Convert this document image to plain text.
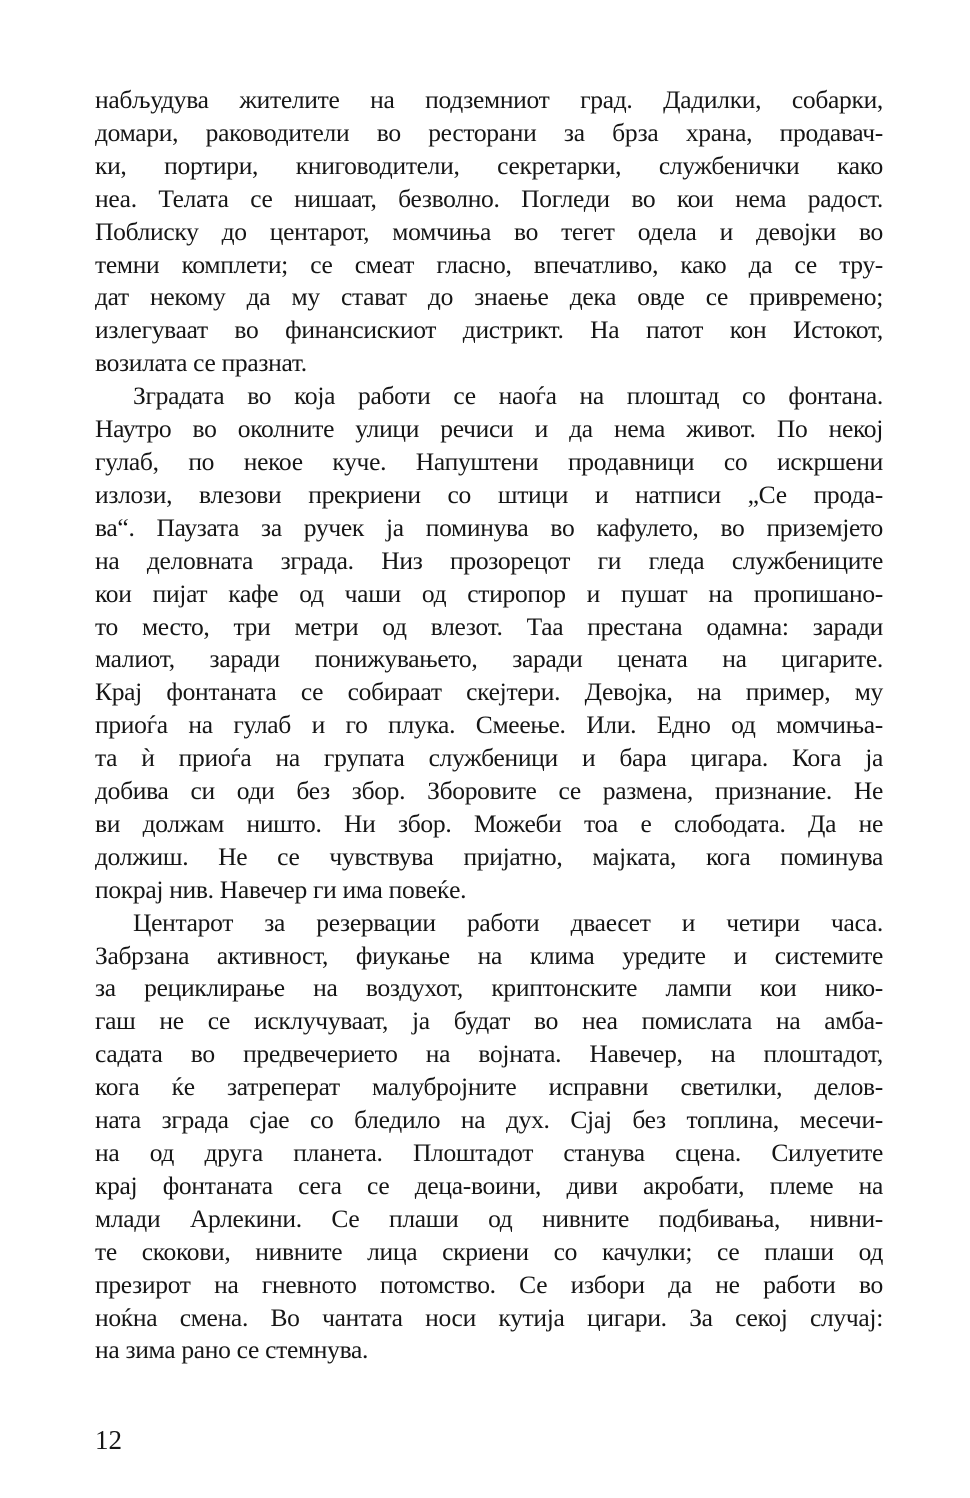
набљудува жителите на подземниот град. Дадилки, собарки,
домари, раководители во ресторани за брза храна, продавач-
ки, портири, книговодители, секретарки, службенички како
неа. Телата се нишаат, безволно. Погледи во кои нема радост.
Поблиску до центарот, момчиња во тегет одела и девојки во
темни комплети; се смеат гласно, впечатливо, како да се тру-
дат некому да му стават до знаење дека овде се привремено;
излегуваат во финансискиот дистрикт. На патот кон Истокот,
возилата се празнат.
Зградата во која работи се наоѓа на плоштад со фонтана.
Наутро во околните улици речиси и да нема живот. По некој
гулаб, по некое куче. Напуштени продавници со искршени
излози, влезови прекриени со штици и натписи „Се прода-
ва“. Паузата за ручек ја поминува во кафулето, во приземјето
на деловната зграда. Низ прозорецот ги гледа службениците
кои пијат кафе од чаши од стиропор и пушат на пропишано-
то место, три метри од влезот. Таа престана одамна: заради
малиот, заради понижувањето, заради цената на цигарите.
Крај фонтаната се собираат скејтери. Девојка, на пример, му
приоѓа на гулаб и го плука. Смеење. Или. Едно од момчиња-
та ѝ приоѓа на групата службеници и бара цигара. Кога ја
добива си оди без збор. Зборовите се размена, признание. Не
ви должам ништо. Ни збор. Можеби тоа е слободата. Да не
должиш. Не се чувствува пријатно, мајката, кога поминува
покрај нив. Навечер ги има повеќе.
Центарот за резервации работи дваесет и четири часа.
Забрзана активност, фиукање на клима уредите и системите
за рециклирање на воздухот, криптонските лампи кои нико-
гаш не се исклучуваат, ја будат во неа помислата на амба-
садата во предвечерието на војната. Навечер, на плоштадот,
кога ќе затреперат малубројните исправни светилки, делов-
ната зграда сјае со бледило на дух. Сјај без топлина, месечи-
на од друга планета. Плоштадот станува сцена. Силуетите
крај фонтаната сега се деца-воини, диви акробати, племе на
млади Арлекини. Се плаши од нивните подбивања, нивни-
те скокови, нивните лица скриени со качулки; се плаши од
презирот на гневното потомство. Се избори да не работи во
ноќна смена. Во чантата носи кутија цигари. За секој случај:
на зима рано се стемнува.
12
